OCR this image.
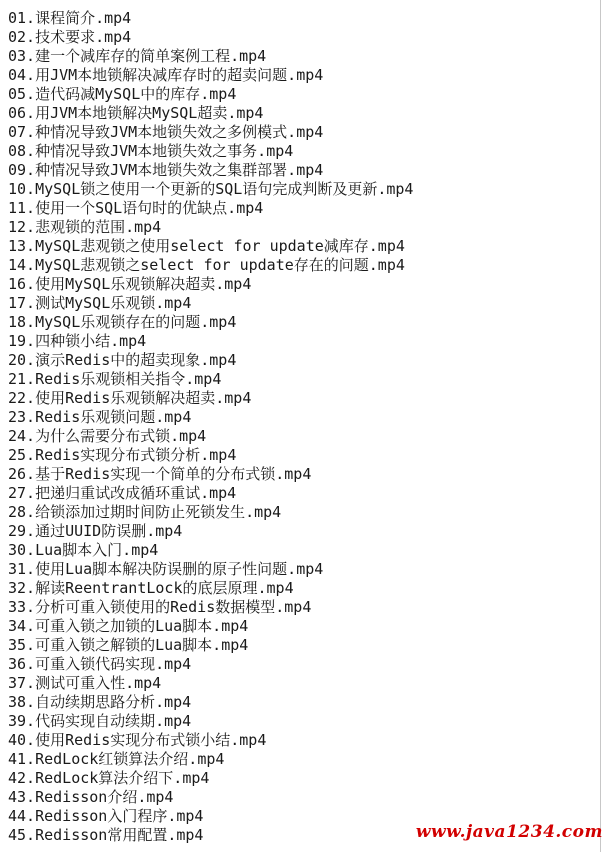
01.课程简介.mp4
02.技术要求.mp4
03.建一个减库存的简单案例工程.mp4
04.用JVM本地锁解决减库存时的超卖问题.mp4
05.造代码减MySQL中的库存.mp4
06.用JVM本地锁解决MySQL超卖.mp4
07.种情况导致JVM本地锁失效之多例模式.mp4
08.种情况导致JVM本地锁失效之事务.mp4
09.种情况导致JVM本地锁失效之集群部署.mp4
10.MySQL锁之使用一个更新的SQL语句完成判断及更新.mp4
11.使用一个SQL语句时的优缺点.mp4
12.悲观锁的范围.mp4
13.MySQL悲观锁之使用select for update减库存.mp4
14.MySQL悲观锁之select for update存在的问题.mp4
16.使用MySQL乐观锁解决超卖.mp4
17.测试MySQL乐观锁.mp4
18.MySQL乐观锁存在的问题.mp4
19.四种锁小结.mp4
20.演示Redis中的超卖现象.mp4
21.Redis乐观锁相关指令.mp4
22.使用Redis乐观锁解决超卖.mp4
23.Redis乐观锁问题.mp4
24.为什么需要分布式锁.mp4
25.Redis实现分布式锁分析.mp4
26.基于Redis实现一个简单的分布式锁.mp4
27.把递归重试改成循环重试.mp4
28.给锁添加过期时间防止死锁发生.mp4
29.通过UUID防误删.mp4
30.Lua脚本入门.mp4
31.使用Lua脚本解决防误删的原子性问题.mp4
32.解读ReentrantLock的底层原理.mp4
33.分析可重入锁使用的Redis数据模型.mp4
34.可重入锁之加锁的Lua脚本.mp4
35.可重入锁之解锁的Lua脚本.mp4
36.可重入锁代码实现.mp4
37.测试可重入性.mp4
38.自动续期思路分析.mp4
39.代码实现自动续期.mp4
40.使用Redis实现分布式锁小结.mp4
41.RedLock红锁算法介绍.mp4
42.RedLock算法介绍下.mp4
43.Redisson介绍.mp4
44.Redisson入门程序.mp4
45.Redisson常用配置.mp4	www.java1234.com
